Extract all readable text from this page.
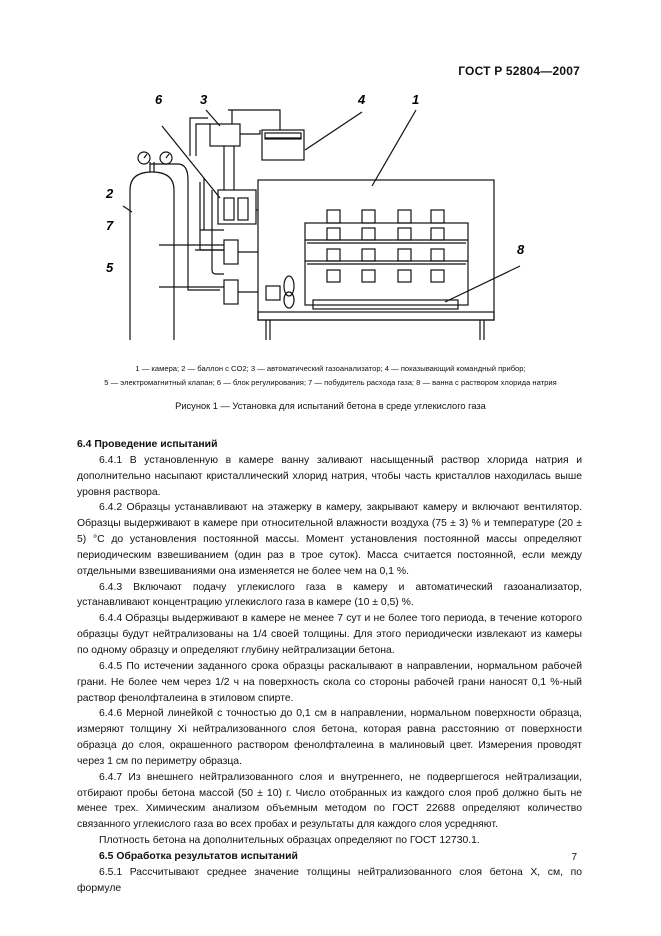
ГОСТ Р 52804—2007
1
2
3	4
5
6
7
8
1 — камера; 2 — баллон с CO2; 3 — автоматический газоанализатор; 4 — показывающий командный прибор;
5 — электромагнитный клапан; 6 — блок регулирования; 7 — побудитель расхода газа; 8 — ванна с раствором хлорида натрия
Рисунок 1 — Установка для испытаний бетона в среде углекислого газа
6.4 Проведение испытаний

6.4.1 В установленную в камере ванну заливают насыщенный раствор хлорида натрия и дополнительно насыпают кристаллический хлорид натрия, чтобы часть кристаллов находилась выше уровня раствора.

6.4.2 Образцы устанавливают на этажерку в камеру, закрывают камеру и включают вентилятор. Образцы выдерживают в камере при относительной влажности воздуха (75 ± 3) % и температуре (20 ± 5) °С до установления постоянной массы. Момент установления постоянной массы определяют периодическим взвешиванием (один раз в трое суток). Масса считается постоянной, если между отдельными взвешиваниями она изменяется не более чем на 0,1 %.

6.4.3 Включают подачу углекислого газа в камеру и автоматический газоанализатор, устанавливают концентрацию углекислого газа в камере (10 ± 0,5) %.

6.4.4 Образцы выдерживают в камере не менее 7 сут и не более того периода, в течение которого образцы будут нейтрализованы на 1/4 своей толщины. Для этого периодически извлекают из камеры по одному образцу и определяют глубину нейтрализации бетона.

6.4.5 По истечении заданного срока образцы раскалывают в направлении, нормальном рабочей грани. Не более чем через 1/2 ч на поверхность скола со стороны рабочей грани наносят 0,1 %-ный раствор фенолфталеина в этиловом спирте.

6.4.6 Мерной линейкой с точностью до 0,1 см в направлении, нормальном поверхности образца, измеряют толщину Xi нейтрализованного слоя бетона, которая равна расстоянию от поверхности образца до слоя, окрашенного раствором фенолфталеина в малиновый цвет. Измерения проводят через 1 см по периметру образца.

6.4.7 Из внешнего нейтрализованного слоя и внутреннего, не подвергшегося нейтрализации, отбирают пробы бетона массой (50 ± 10) г. Число отобранных из каждого слоя проб должно быть не менее трех. Химическим анализом объемным методом по ГОСТ 22688 определяют количество связанного углекислого газа во всех пробах и результаты для каждого слоя усредняют.

Плотность бетона на дополнительных образцах определяют по ГОСТ 12730.1.

6.5 Обработка результатов испытаний

6.5.1 Рассчитывают среднее значение толщины нейтрализованного слоя бетона X, см, по формуле

7
